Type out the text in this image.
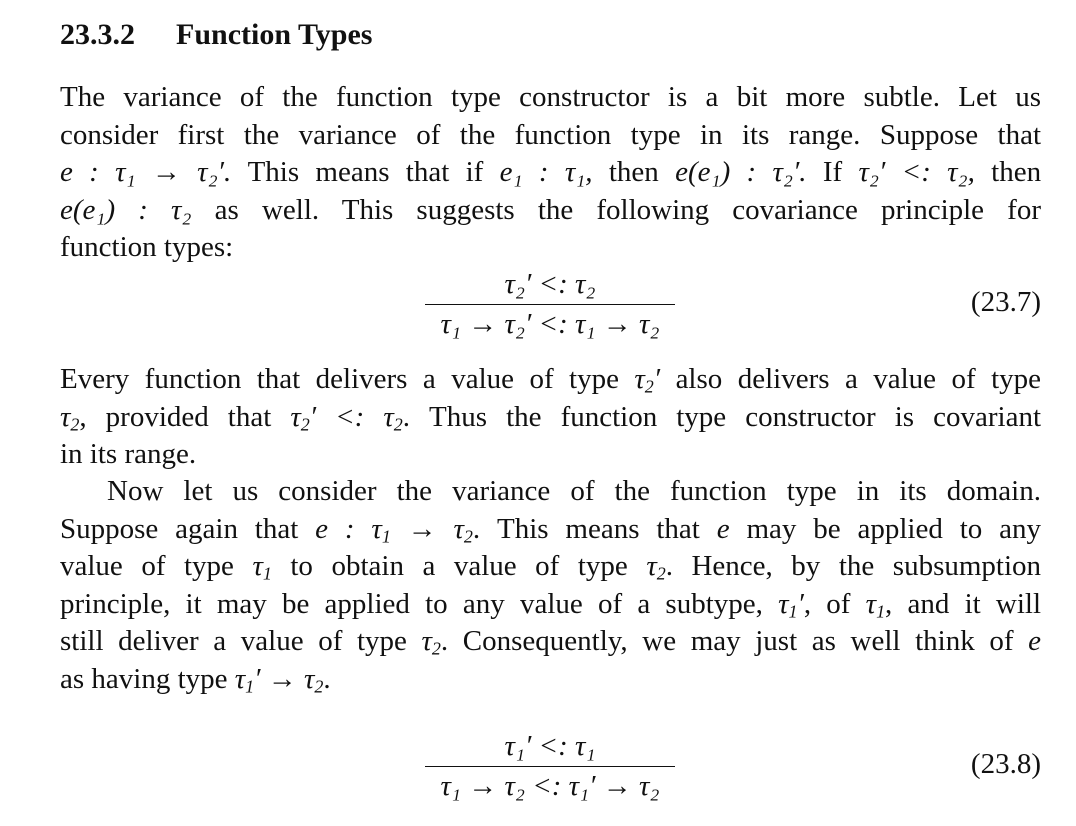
23.3.2 Function Types
The variance of the function type constructor is a bit more subtle. Let us
consider first the variance of the function type in its range. Suppose that
e : τ₁ → τ₂′. This means that if e₁ : τ₁, then e(e₁) : τ₂′. If τ₂′ <: τ₂, then
e(e₁) : τ₂ as well. This suggests the following covariance principle for
function types:
τ₂′ <: τ₂
τ₁ → τ₂′ <: τ₁ → τ₂
(23.7)
Every function that delivers a value of type $\tau_2'$ also delivers a value of type
$\tau_2$, provided that $\tau_2'$ <: $\tau_2$. Thus the function type constructor is covariant
in its range.
Now let us consider the variance of the function type in its domain.
Suppose again that e : $\tau_1 \to \tau_2$. This means that e may be applied to any
value of type $\tau_1$ to obtain a value of type $\tau_2$. Hence, by the subsumption
principle, it may be applied to any value of a subtype, $\tau_1'$, of $\tau_1$, and it will
still deliver a value of type $\tau_2$. Consequently, we may just as well think of e
as having type $\tau_1' \to \tau_2$.
τ₁′ <: τ₁
τ₁ → τ₂ <: τ₁′ → τ₂
(23.8)
